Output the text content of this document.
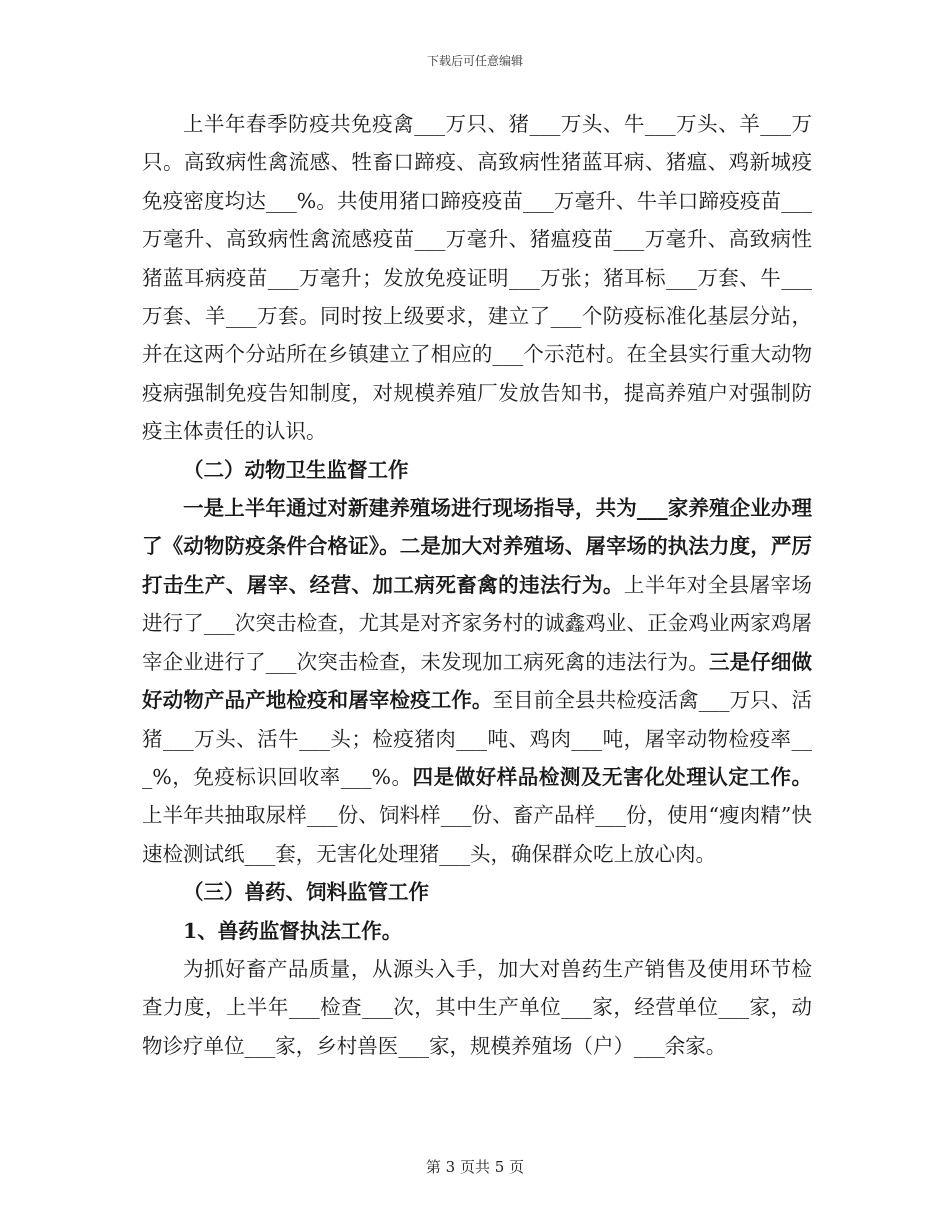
下载后可任意编辑

上半年春季防疫共免疫禽___万只、猪___万头、牛___万头、羊___万只。高致病性禽流感、牲畜口蹄疫、高致病性猪蓝耳病、猪瘟、鸡新城疫免疫密度均达___%。共使用猪口蹄疫疫苗___万毫升、牛羊口蹄疫疫苗___万毫升、高致病性禽流感疫苗___万毫升、猪瘟疫苗___万毫升、高致病性猪蓝耳病疫苗___万毫升；发放免疫证明___万张；猪耳标___万套、牛___万套、羊___万套。同时按上级要求，建立了___个防疫标准化基层分站，并在这两个分站所在乡镇建立了相应的___个示范村。在全县实行重大动物疫病强制免疫告知制度，对规模养殖厂发放告知书，提高养殖户对强制防疫主体责任的认识。

（二）动物卫生监督工作

一是上半年通过对新建养殖场进行现场指导，共为___家养殖企业办理了《动物防疫条件合格证》。二是加大对养殖场、屠宰场的执法力度，严厉打击生产、屠宰、经营、加工病死畜禽的违法行为。上半年对全县屠宰场进行了___次突击检查，尤其是对齐家务村的诚鑫鸡业、正金鸡业两家鸡屠宰企业进行了___次突击检查，未发现加工病死禽的违法行为。三是仔细做好动物产品产地检疫和屠宰检疫工作。至目前全县共检疫活禽___万只、活猪___万头、活牛___头；检疫猪肉___吨、鸡肉___吨，屠宰动物检疫率___%，免疫标识回收率___%。四是做好样品检测及无害化处理认定工作。上半年共抽取尿样___份、饲料样___份、畜产品样___份，使用“瘦肉精”快速检测试纸___套，无害化处理猪___头，确保群众吃上放心肉。

（三）兽药、饲料监管工作

1、兽药监督执法工作。

为抓好畜产品质量，从源头入手，加大对兽药生产销售及使用环节检查力度，上半年___检查___次，其中生产单位___家，经营单位___家，动物诊疗单位___家，乡村兽医___家，规模养殖场（户）___余家。

第 3 页共 5 页
